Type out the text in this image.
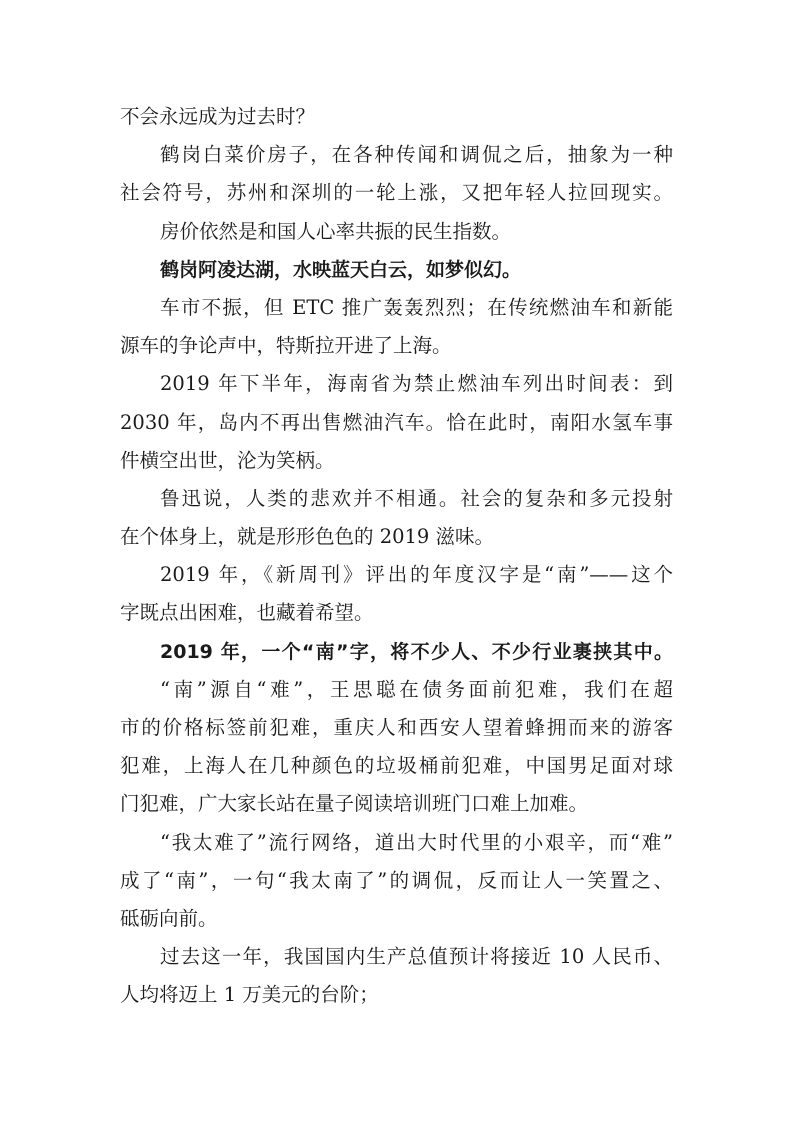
不会永远成为过去时？
鹤岗白菜价房子，在各种传闻和调侃之后，抽象为一种
社会符号，苏州和深圳的一轮上涨，又把年轻人拉回现实。
房价依然是和国人心率共振的民生指数。
鹤岗阿凌达湖，水映蓝天白云，如梦似幻。
车市不振，但 ETC 推广轰轰烈烈；在传统燃油车和新能
源车的争论声中，特斯拉开进了上海。
2019 年下半年，海南省为禁止燃油车列出时间表：到
2030 年，岛内不再出售燃油汽车。恰在此时，南阳水氢车事
件横空出世，沦为笑柄。
鲁迅说，人类的悲欢并不相通。社会的复杂和多元投射
在个体身上，就是形形色色的 2019 滋味。
2019 年，《新周刊》评出的年度汉字是“南”——这个
字既点出困难，也藏着希望。
2019 年，一个“南”字，将不少人、不少行业裹挟其中。
“南”源自“难”，王思聪在债务面前犯难，我们在超
市的价格标签前犯难，重庆人和西安人望着蜂拥而来的游客
犯难，上海人在几种颜色的垃圾桶前犯难，中国男足面对球
门犯难，广大家长站在量子阅读培训班门口难上加难。
“我太难了”流行网络，道出大时代里的小艰辛，而“难”
成了“南”，一句“我太南了”的调侃，反而让人一笑置之、
砥砺向前。
过去这一年，我国国内生产总值预计将接近 10 人民币、
人均将迈上 1 万美元的台阶；
